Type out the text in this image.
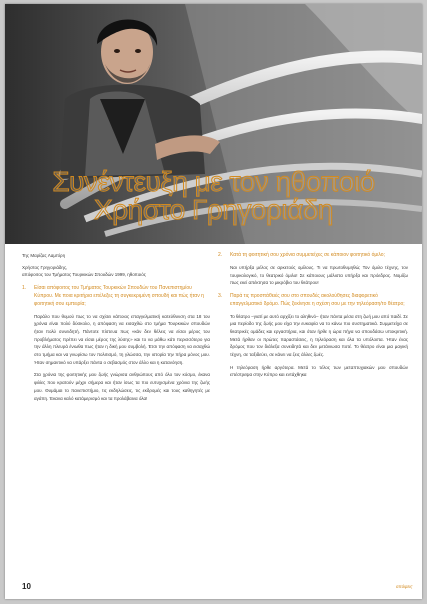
Συνέντευξη με τον ηθοποιό
Χρήστο Γρηγοριάδη

Της Μαρίζας Λαμπίρη

Χρήστος Γρηγοριάδης,

απόφοιτος του Τμήματος Τουρκικών Σπουδών 1999, ηθοποιός

1.	Είσαι απόφοιτος του Τμήματος Τουρκικών Σπουδών του Πανεπιστημίου Κύπρου. Με ποια κριτήρια επέλεξες τη συγκεκριμένη σπουδή και πώς ήταν η φοιτητική σου εμπειρία;

Παράλο που θυμού πως το να σχίσει κάποιος επαγγελματική κατεύθυνση στα 18 του χρόνια είναι πολύ δύσκολο, η απόφαση να εισαχθώ στο τμήμα Τουρκικών σπουδών ήταν πολύ συνειδητή. Πάντοτε πίστευα πως «κάν δεν θέλεις να είσαι μέρος του προβλήματος πρέπει να είσαι μέρος της λύσης» και το να μάθω κάτι περισσότερο για την άλλη πλευρά ένιωθα πως ήταν η δική μου συμβολή. Έτσι την απόφαση να εισαχθώ στο τμήμα και να γνωρίσω τον πολιτισμό, τη γλώσσα, την ιστορία την πήρα μόνος μου. Ήταν σημαντικό να υπάρξει πάντα ο σεβασμός στον άλλο και η κατανόηση.

Στα χρόνια της φοιτητικής μου ζωής γνώρισα ανθρώπους από όλο τον κόσμο, έκανα φιλίες που κρατούν μέχρι σήμερα και ήταν ίσως τα πιο ευτυχισμένα χρόνια της ζωής μου. Θυμάμαι το πανεπιστήμιο, τις εκδηλώσεις, τις εκδρομές και τους καθηγητές με αγάπη. Έκανα καλό κατάμερισμό και τα προλάβαινα όλα!

2.	Κατά τη φοιτητική σου χρόνια συμμετείχες σε κάποιον φοιτητικό όμιλο;

Ναι υπήρξα μέλος σε αρκετούς ομίλους. Τι να πρωτοθυμηθώ; Τον όμιλο τέχνης, τον τουρκολογικό, το θεατρικό όμιλο! Σε κάποιους μάλιστα υπήρξα και πρόεδρος. Νομίζω πως εκεί απέκτησα το μικρόβιο του θεάτρου!

3.	Παρά τις προσπάθειές σου στο σπουδές ακολούθησες διαφορετικό επαγγελματικό δρόμο. Πώς ξεκίνησε η σχέση σου με την τηλεόραση/το θέατρο;

Το θέατρο –γιατί με αυτό αρχίζει το αληθινό– ήταν πάντα μέσα στη ζωή μου από παιδί. Σε μια περίοδο της ζωής μου είχα την ευκαιρία να το κάνω πιο συστηματικά. Συμμετείχα σε θεατρικές ομάδες και εργαστήρια, και όταν ήρθε η ώρα πήγα να σπουδάσω υποκριτική. Μετά ήρθαν οι πρώτες παραστάσεις, η τηλεόραση και όλα τα υπόλοιπα. Ήταν ένας δρόμος που τον διάλεξα συνειδητά και δεν μετάνιωσα ποτέ. Το θέατρο είναι μια μαγική τέχνη, σε ταξιδεύει, σε κάνει να ζεις άλλες ζωές.

Η τηλεόραση ήρθε αργότερα. Μετά το τέλος των μεταπτυχιακών μου σπουδών επέστρεψα στην Κύπρο και εντάχθηκα

10	απόψεις
